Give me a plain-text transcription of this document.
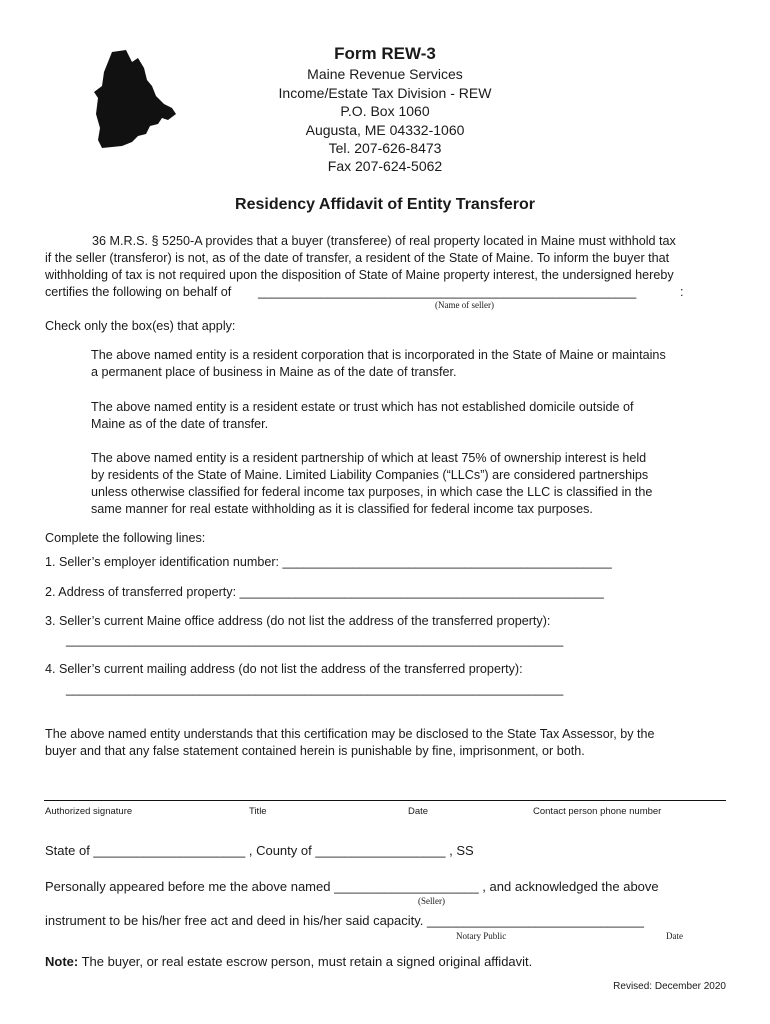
Form REW-3
Maine Revenue Services
Income/Estate Tax Division - REW
P.O. Box 1060
Augusta, ME 04332-1060
Tel. 207-626-8473
Fax 207-624-5062
Residency Affidavit of Entity Transferor
36 M.R.S. § 5250-A provides that a buyer (transferee) of real property located in Maine must withhold tax
if the seller (transferor) is not, as of the date of transfer, a resident of the State of Maine. To inform the buyer that
withholding of tax is not required upon the disposition of State of Maine property interest, the undersigned hereby
certifies the following on behalf of ______________________________________________________	:
(Name of seller)
Check only the box(es) that apply:
The above named entity is a resident corporation that is incorporated in the State of Maine or maintains
a permanent place of business in Maine as of the date of transfer.
The above named entity is a resident estate or trust which has not established domicile outside of
Maine as of the date of transfer.
The above named entity is a resident partnership of which at least 75% of ownership interest is held
by residents of the State of Maine. Limited Liability Companies (“LLCs”) are considered partnerships
unless otherwise classified for federal income tax purposes, in which case the LLC is classified in the
same manner for real estate withholding as it is classified for federal income tax purposes.
Complete the following lines:
1. Seller’s employer identification number: _______________________________________________
2. Address of transferred property: ____________________________________________________
3. Seller’s current Maine office address (do not list the address of the transferred property):
_______________________________________________________________________
4. Seller’s current mailing address (do not list the address of the transferred property):
_______________________________________________________________________
The above named entity understands that this certification may be disclosed to the State Tax Assessor, by the
buyer and that any false statement contained herein is punishable by fine, imprisonment, or both.
Authorized signature	Title	Date	Contact person phone number
State of _____________________ , County of __________________ , SS
Personally appeared before me the above named ____________________ , and acknowledged the above
(Seller)
instrument to be his/her free act and deed in his/her said capacity. ______________________________
Notary Public	Date
Note: The buyer, or real estate escrow person, must retain a signed original affidavit.
Revised: December 2020
